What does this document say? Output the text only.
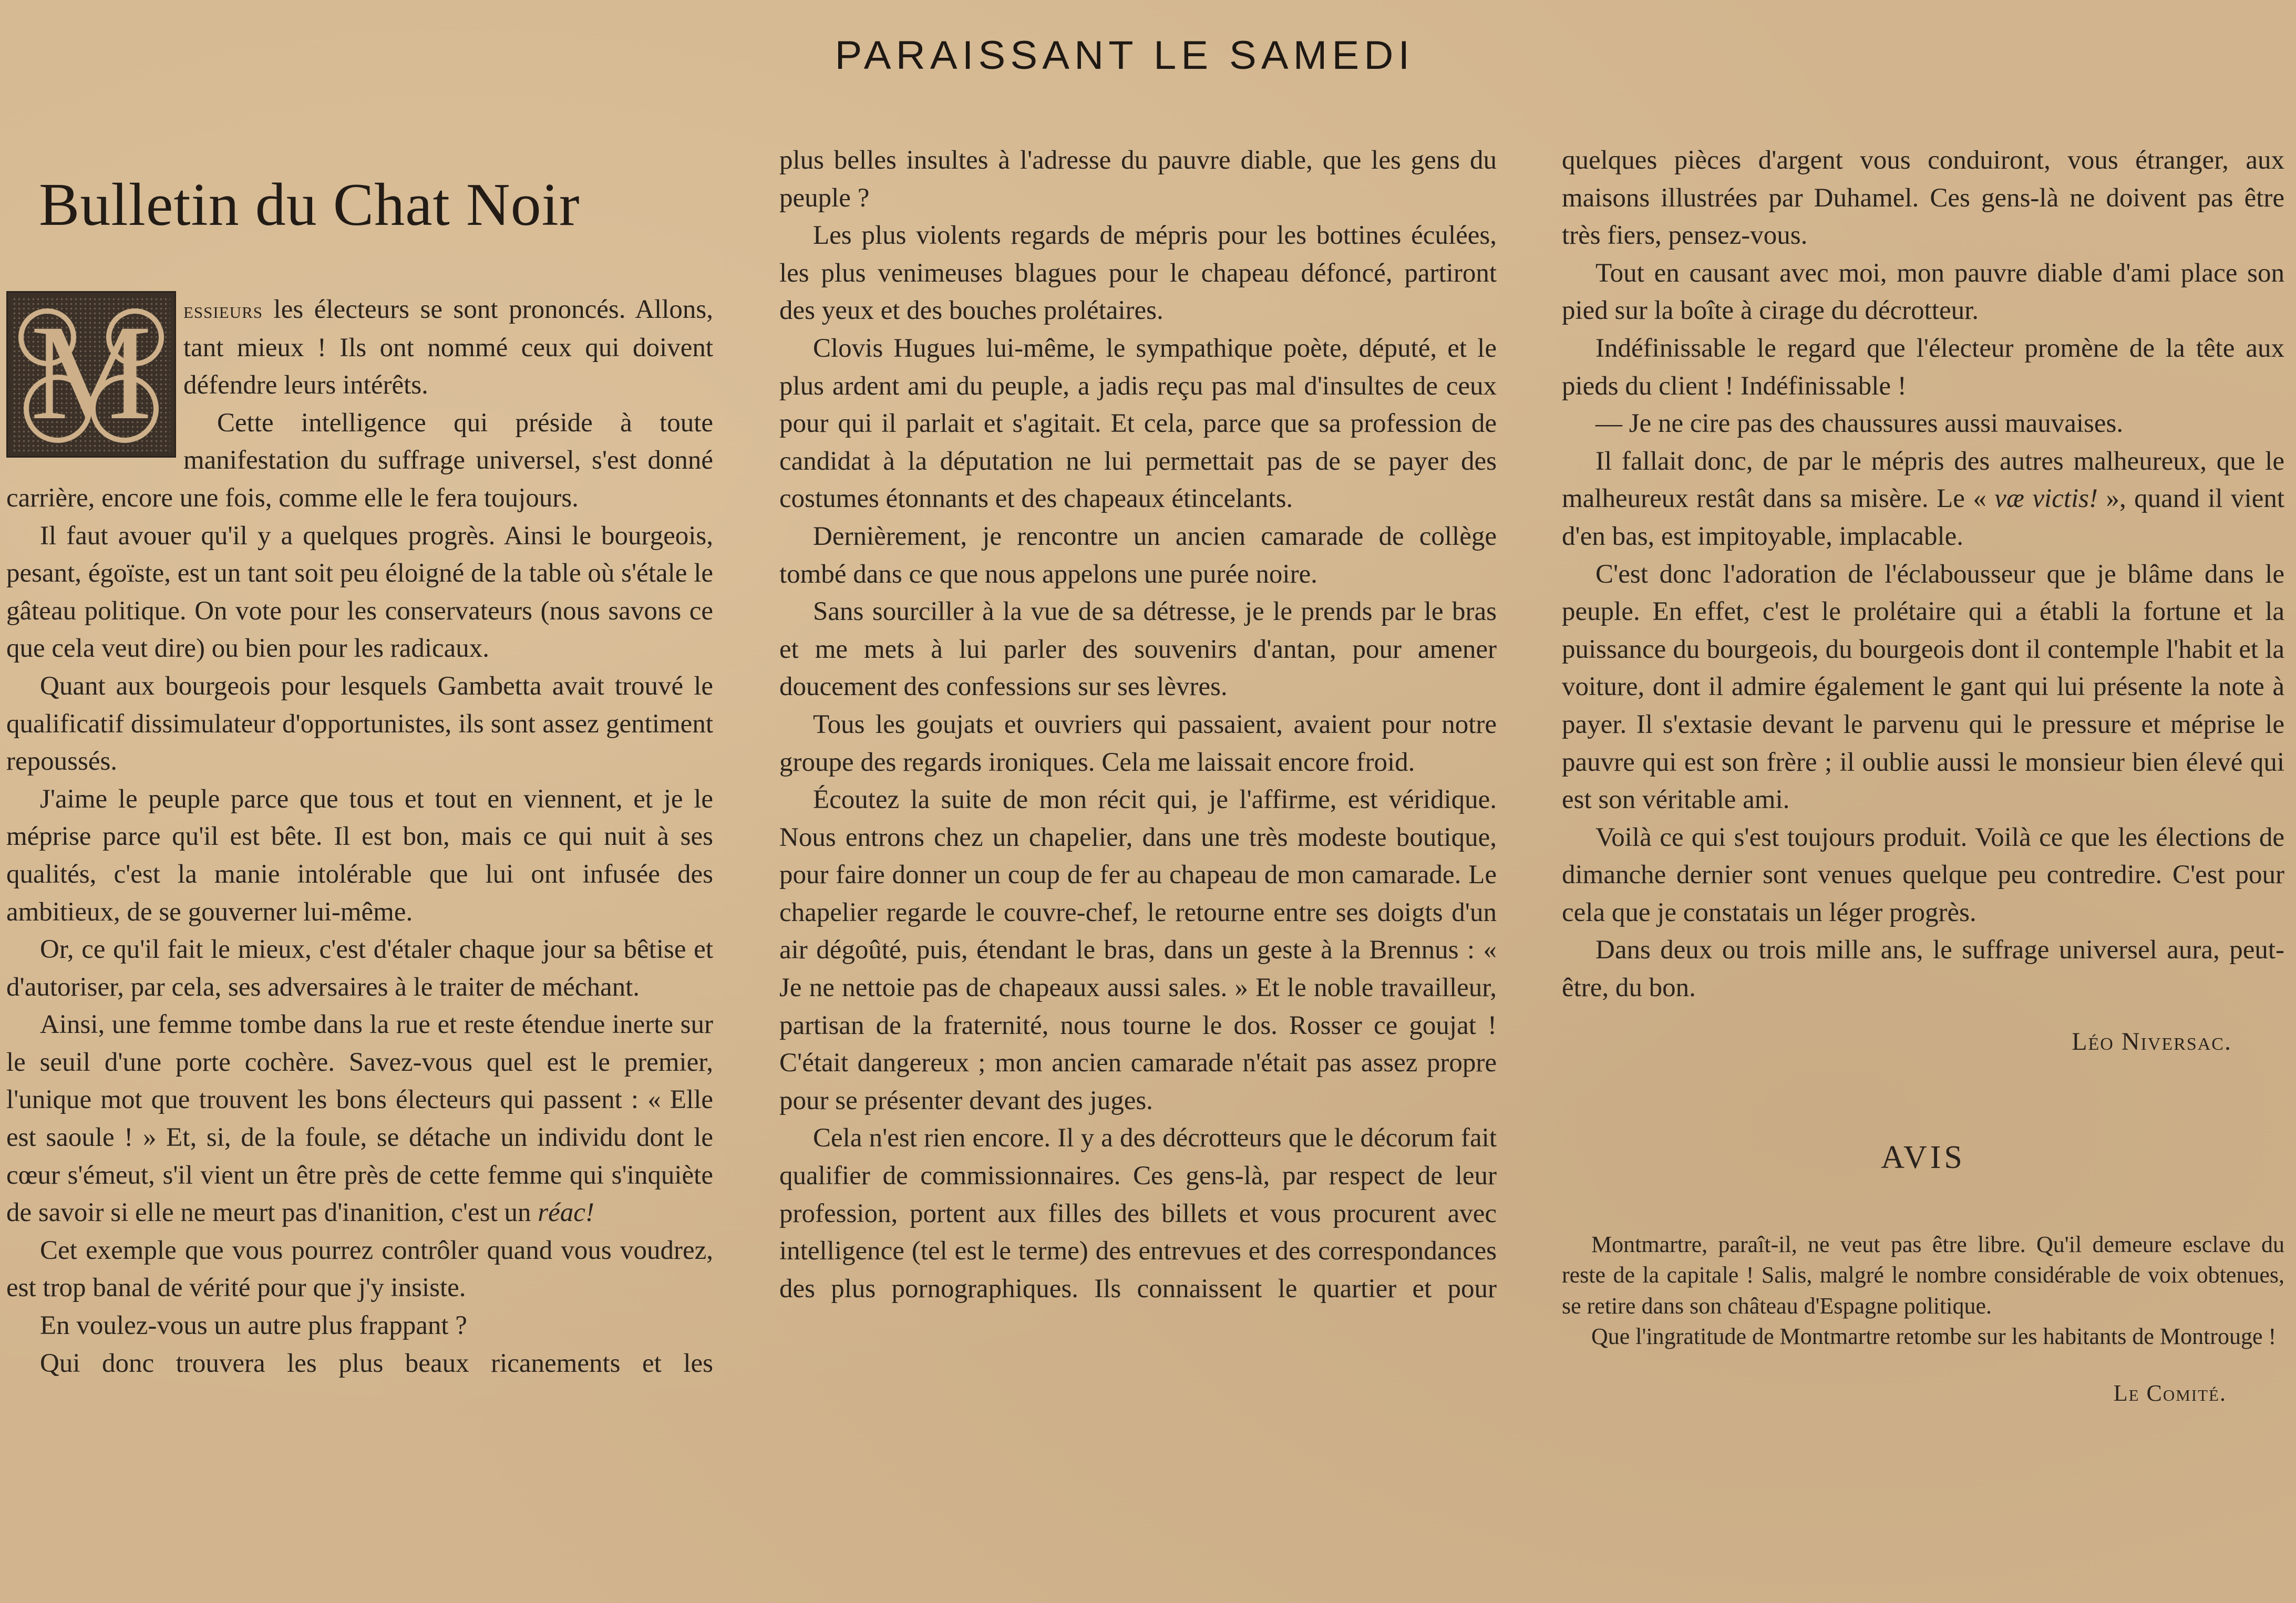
PARAISSANT LE SAMEDI
Bulletin du Chat Noir
M	essieurs les électeurs se sont prononcés. Allons, tant mieux ! Ils ont nommé ceux qui doivent défendre leurs intérêts.

Cette intelligence qui préside à toute manifestation du suffrage universel, s'est donné carrière, encore une fois, comme elle le fera toujours.

Il faut avouer qu'il y a quelques progrès. Ainsi le bourgeois, pesant, égoïste, est un tant soit peu éloigné de la table où s'étale le gâteau politique. On vote pour les conservateurs (nous savons ce que cela veut dire) ou bien pour les radicaux.

Quant aux bourgeois pour lesquels Gambetta avait trouvé le qualificatif dissimulateur d'opportunistes, ils sont assez gentiment repoussés.

J'aime le peuple parce que tous et tout en viennent, et je le méprise parce qu'il est bête. Il est bon, mais ce qui nuit à ses qualités, c'est la manie intolérable que lui ont infusée des ambitieux, de se gouverner lui-même.

Or, ce qu'il fait le mieux, c'est d'étaler chaque jour sa bêtise et d'autoriser, par cela, ses adversaires à le traiter de méchant.

Ainsi, une femme tombe dans la rue et reste étendue inerte sur le seuil d'une porte cochère. Savez-vous quel est le premier, l'unique mot que trouvent les bons électeurs qui passent : « Elle est saoule ! » Et, si, de la foule, se détache un individu dont le cœur s'émeut, s'il vient un être près de cette femme qui s'inquiète de savoir si elle ne meurt pas d'inanition, c'est un réac!

Cet exemple que vous pourrez contrôler quand vous voudrez, est trop banal de vérité pour que j'y insiste.

En voulez-vous un autre plus frappant ?

Qui donc trouvera les plus beaux ricanements et les

plus belles insultes à l'adresse du pauvre diable, que les gens du peuple ?

Les plus violents regards de mépris pour les bottines éculées, les plus venimeuses blagues pour le chapeau défoncé, partiront des yeux et des bouches prolétaires.

Clovis Hugues lui-même, le sympathique poète, député, et le plus ardent ami du peuple, a jadis reçu pas mal d'insultes de ceux pour qui il parlait et s'agitait. Et cela, parce que sa profession de candidat à la députation ne lui permettait pas de se payer des costumes étonnants et des chapeaux étincelants.

Dernièrement, je rencontre un ancien camarade de collège tombé dans ce que nous appelons une purée noire.

Sans sourciller à la vue de sa détresse, je le prends par le bras et me mets à lui parler des souvenirs d'antan, pour amener doucement des confessions sur ses lèvres.

Tous les goujats et ouvriers qui passaient, avaient pour notre groupe des regards ironiques. Cela me laissait encore froid.

Écoutez la suite de mon récit qui, je l'affirme, est véridique. Nous entrons chez un chapelier, dans une très modeste boutique, pour faire donner un coup de fer au chapeau de mon camarade. Le chapelier regarde le couvre-chef, le retourne entre ses doigts d'un air dégoûté, puis, étendant le bras, dans un geste à la Brennus : « Je ne nettoie pas de chapeaux aussi sales. » Et le noble travailleur, partisan de la fraternité, nous tourne le dos. Rosser ce goujat ! C'était dangereux ; mon ancien camarade n'était pas assez propre pour se présenter devant des juges.

Cela n'est rien encore. Il y a des décrotteurs que le décorum fait qualifier de commissionnaires. Ces gens-là, par respect de leur profession, portent aux filles des billets et vous procurent avec intelligence (tel est le terme) des entrevues et des correspondances des plus pornographiques. Ils connaissent le quartier et pour

quelques pièces d'argent vous conduiront, vous étranger, aux maisons illustrées par Duhamel. Ces gens-là ne doivent pas être très fiers, pensez-vous.

Tout en causant avec moi, mon pauvre diable d'ami place son pied sur la boîte à cirage du décrotteur.

Indéfinissable le regard que l'électeur promène de la tête aux pieds du client ! Indéfinissable !

— Je ne cire pas des chaussures aussi mauvaises.

Il fallait donc, de par le mépris des autres malheureux, que le malheureux restât dans sa misère. Le « væ victis! », quand il vient d'en bas, est impitoyable, implacable.

C'est donc l'adoration de l'éclabousseur que je blâme dans le peuple. En effet, c'est le prolétaire qui a établi la fortune et la puissance du bourgeois, du bourgeois dont il contemple l'habit et la voiture, dont il admire également le gant qui lui présente la note à payer. Il s'extasie devant le parvenu qui le pressure et méprise le pauvre qui est son frère ; il oublie aussi le monsieur bien élevé qui est son véritable ami.

Voilà ce qui s'est toujours produit. Voilà ce que les élections de dimanche dernier sont venues quelque peu contredire. C'est pour cela que je constatais un léger progrès.

Dans deux ou trois mille ans, le suffrage universel aura, peut-être, du bon.

Léo Niversac.
AVIS

Montmartre, paraît-il, ne veut pas être libre. Qu'il demeure esclave du reste de la capitale ! Salis, malgré le nombre considérable de voix obtenues, se retire dans son château d'Espagne politique.

Que l'ingratitude de Montmartre retombe sur les habitants de Montrouge !

Le Comité.
